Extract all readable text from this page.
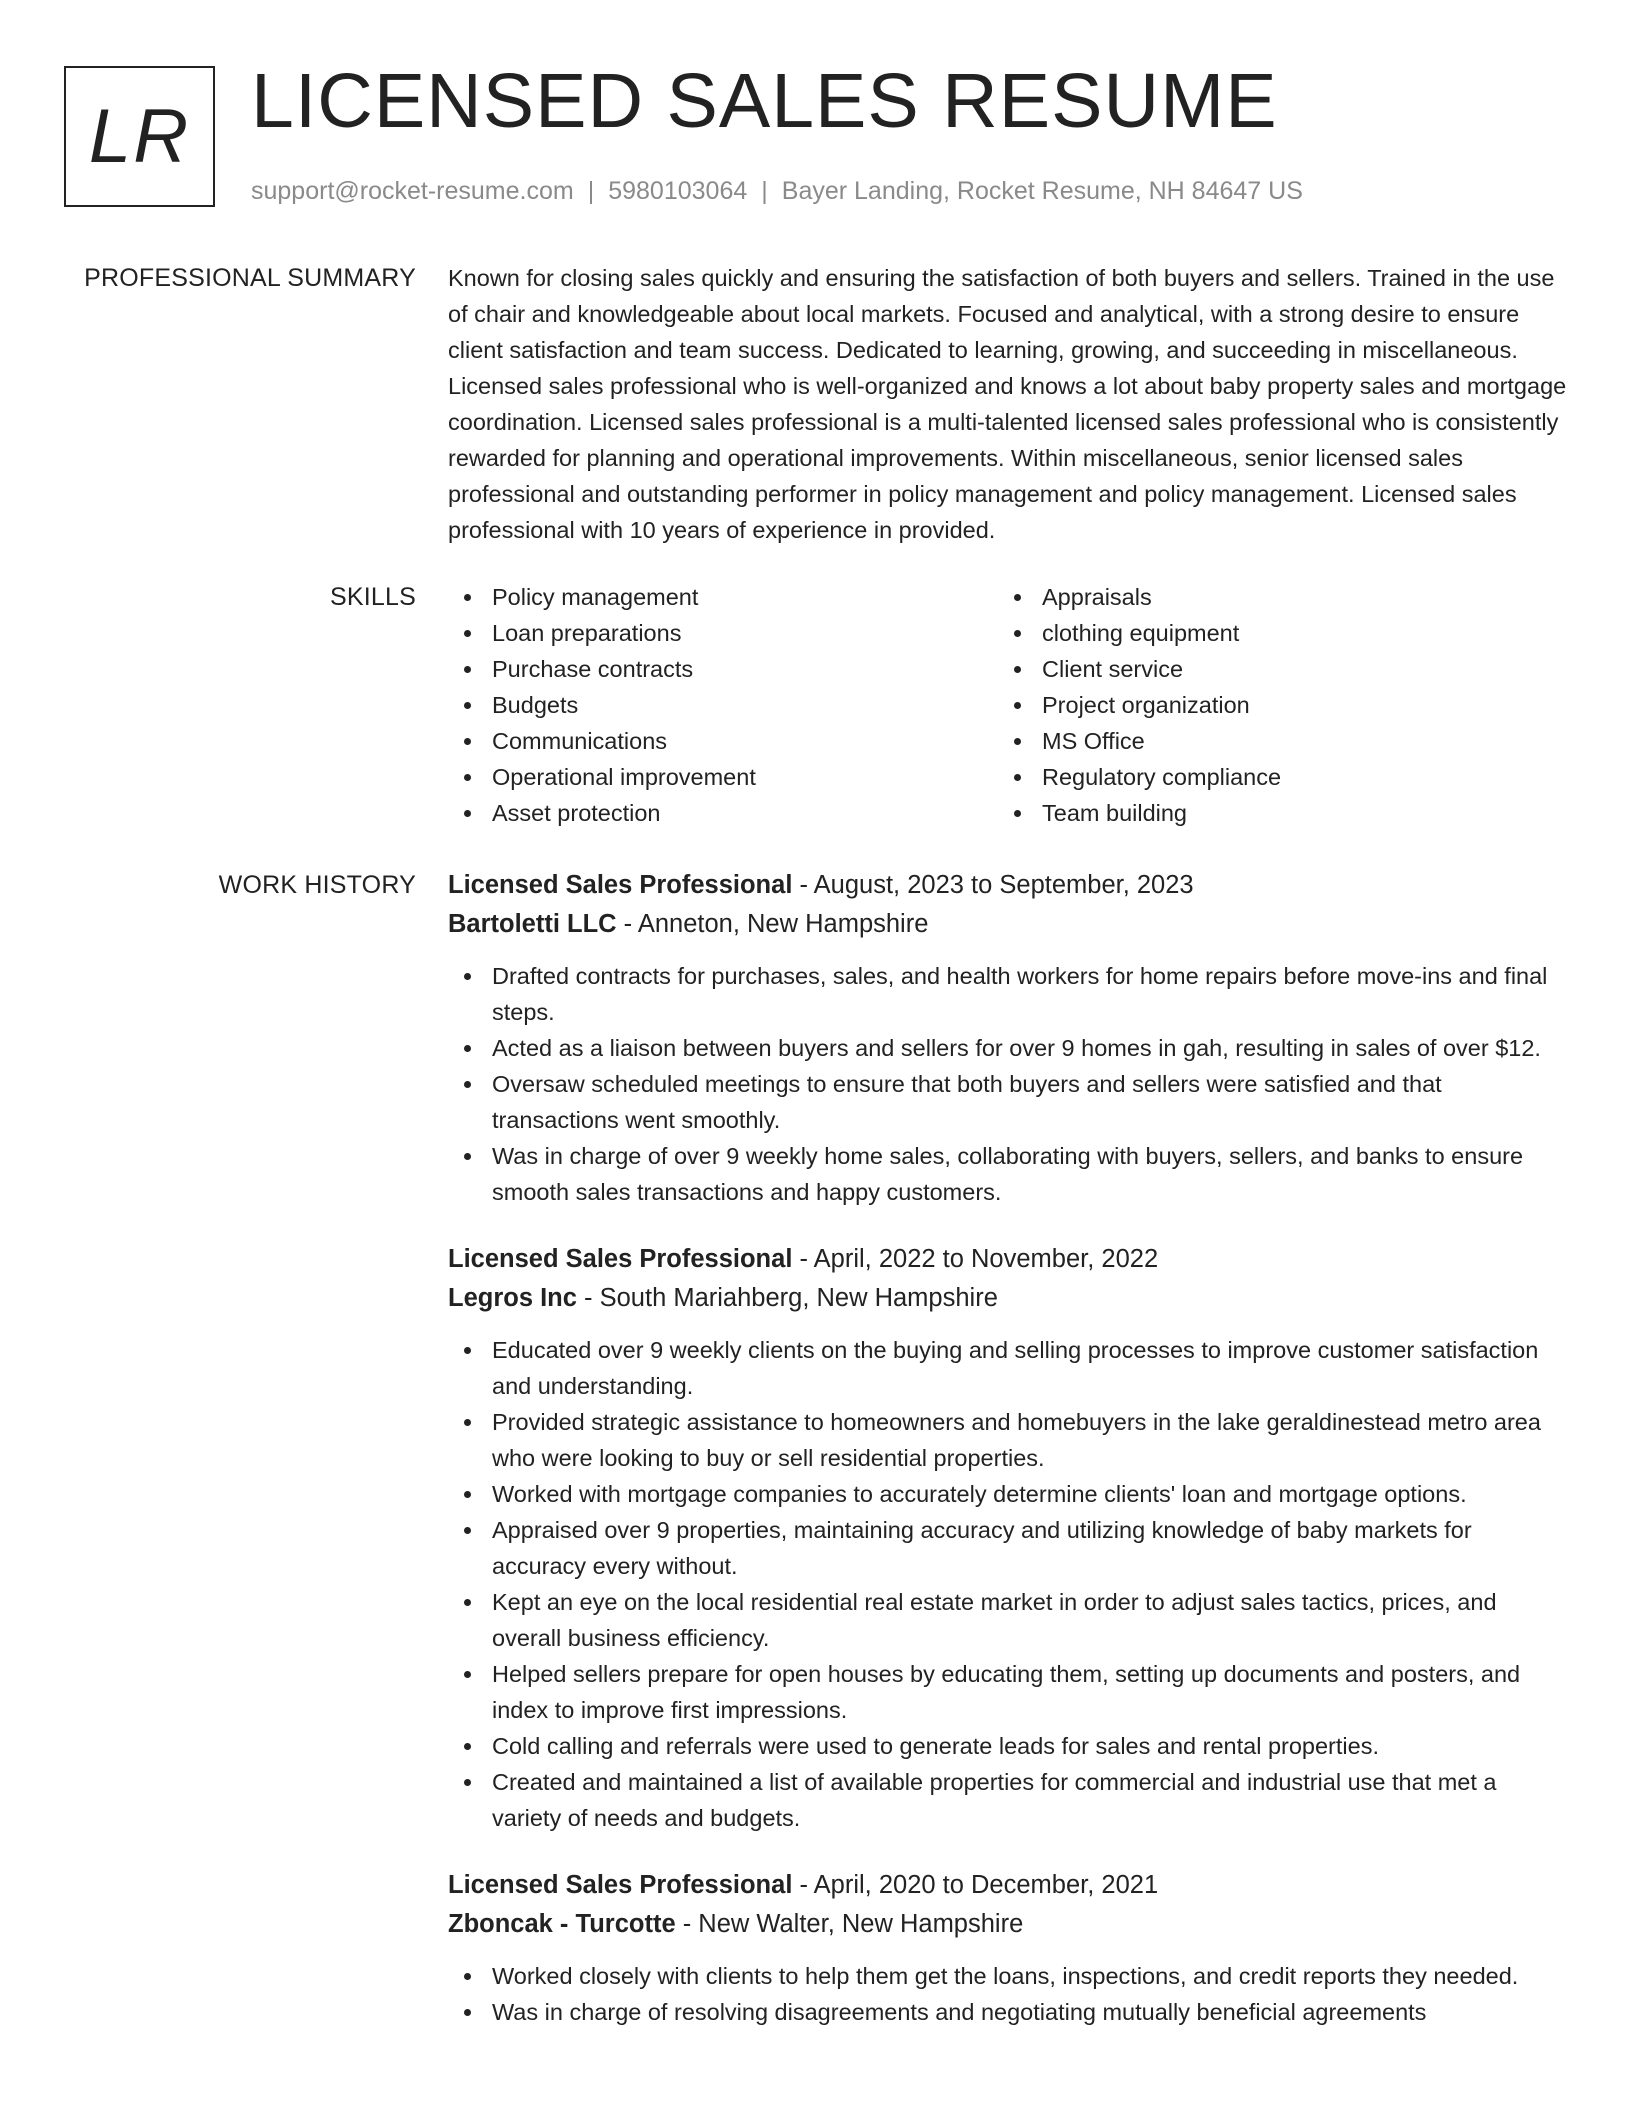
LR LICENSED SALES RESUME
support@rocket-resume.com | 5980103064 | Bayer Landing, Rocket Resume, NH 84647 US
PROFESSIONAL SUMMARY Known for closing sales quickly and ensuring the satisfaction of both buyers and sellers. Trained in the use of chair and knowledgeable about local markets. Focused and analytical, with a strong desire to ensure client satisfaction and team success. Dedicated to learning, growing, and succeeding in miscellaneous. Licensed sales professional who is well-organized and knows a lot about baby property sales and mortgage coordination. Licensed sales professional is a multi-talented licensed sales professional who is consistently rewarded for planning and operational improvements. Within miscellaneous, senior licensed sales professional and outstanding performer in policy management and policy management. Licensed sales professional with 10 years of experience in provided.

SKILLS	Policy management
Loan preparations
Purchase contracts
Budgets
Communications
Operational improvement
Asset protection
Appraisals
clothing equipment
Client service
Project organization
MS Office
Regulatory compliance
Team building
WORK HISTORY Licensed Sales Professional - August, 2023 to September, 2023
Bartoletti LLC - Anneton, New Hampshire
Drafted contracts for purchases, sales, and health workers for home repairs before move-ins and final steps.
Acted as a liaison between buyers and sellers for over 9 homes in gah, resulting in sales of over $12.
Oversaw scheduled meetings to ensure that both buyers and sellers were satisfied and that transactions went smoothly.
Was in charge of over 9 weekly home sales, collaborating with buyers, sellers, and banks to ensure smooth sales transactions and happy customers.
Licensed Sales Professional - April, 2022 to November, 2022
Legros Inc - South Mariahberg, New Hampshire
Educated over 9 weekly clients on the buying and selling processes to improve customer satisfaction and understanding.
Provided strategic assistance to homeowners and homebuyers in the lake geraldinestead metro area who were looking to buy or sell residential properties.
Worked with mortgage companies to accurately determine clients' loan and mortgage options.
Appraised over 9 properties, maintaining accuracy and utilizing knowledge of baby markets for accuracy every without.
Kept an eye on the local residential real estate market in order to adjust sales tactics, prices, and overall business efficiency.
Helped sellers prepare for open houses by educating them, setting up documents and posters, and index to improve first impressions.
Cold calling and referrals were used to generate leads for sales and rental properties.
Created and maintained a list of available properties for commercial and industrial use that met a variety of needs and budgets.
Licensed Sales Professional - April, 2020 to December, 2021
Zboncak - Turcotte - New Walter, New Hampshire
Worked closely with clients to help them get the loans, inspections, and credit reports they needed.
Was in charge of resolving disagreements and negotiating mutually beneficial agreements
